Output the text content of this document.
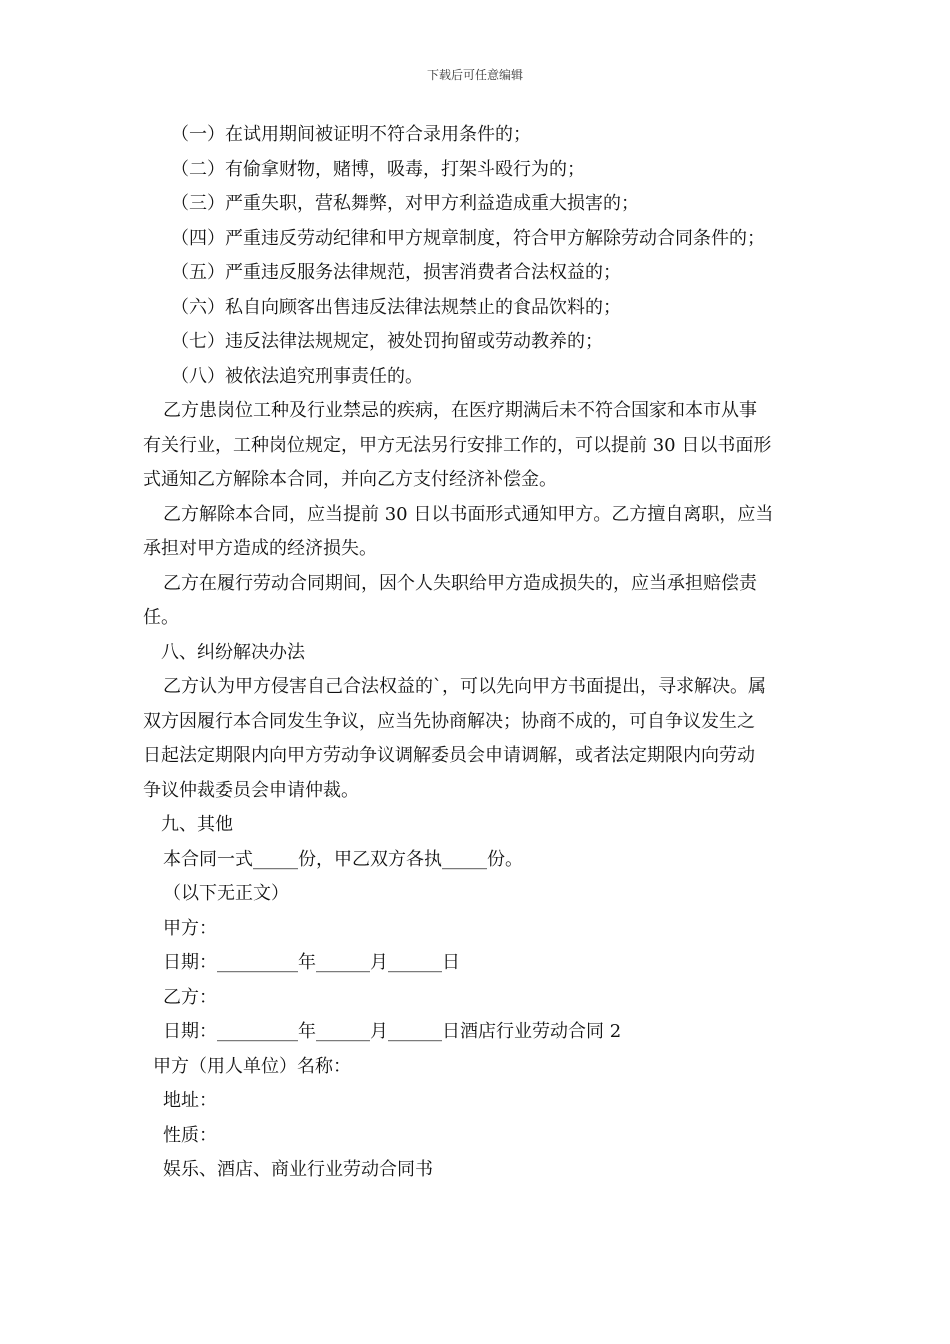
下载后可任意编辑
（一）在试用期间被证明不符合录用条件的；
（二）有偷拿财物，赌博，吸毒，打架斗殴行为的；
（三）严重失职，营私舞弊，对甲方利益造成重大损害的；
（四）严重违反劳动纪律和甲方规章制度，符合甲方解除劳动合同条件的；
（五）严重违反服务法律规范，损害消费者合法权益的；
（六）私自向顾客出售违反法律法规禁止的食品饮料的；
（七）违反法律法规规定，被处罚拘留或劳动教养的；
（八）被依法追究刑事责任的。
乙方患岗位工种及行业禁忌的疾病，在医疗期满后未不符合国家和本市从事
有关行业，工种岗位规定，甲方无法另行安排工作的，可以提前 30 日以书面形
式通知乙方解除本合同，并向乙方支付经济补偿金。
乙方解除本合同，应当提前 30 日以书面形式通知甲方。乙方擅自离职，应当
承担对甲方造成的经济损失。
乙方在履行劳动合同期间，因个人失职给甲方造成损失的，应当承担赔偿责
任。
八、纠纷解决办法
乙方认为甲方侵害自己合法权益的`，可以先向甲方书面提出，寻求解决。属
双方因履行本合同发生争议，应当先协商解决；协商不成的，可自争议发生之
日起法定期限内向甲方劳动争议调解委员会申请调解，或者法定期限内向劳动
争议仲裁委员会申请仲裁。
九、其他
本合同一式_____份，甲乙双方各执_____份。
（以下无正文）
甲方：
日期：_________年______月______日
乙方：
日期：_________年______月______日酒店行业劳动合同 2
甲方（用人单位）名称：
地址：
性质：
娱乐、酒店、商业行业劳动合同书
